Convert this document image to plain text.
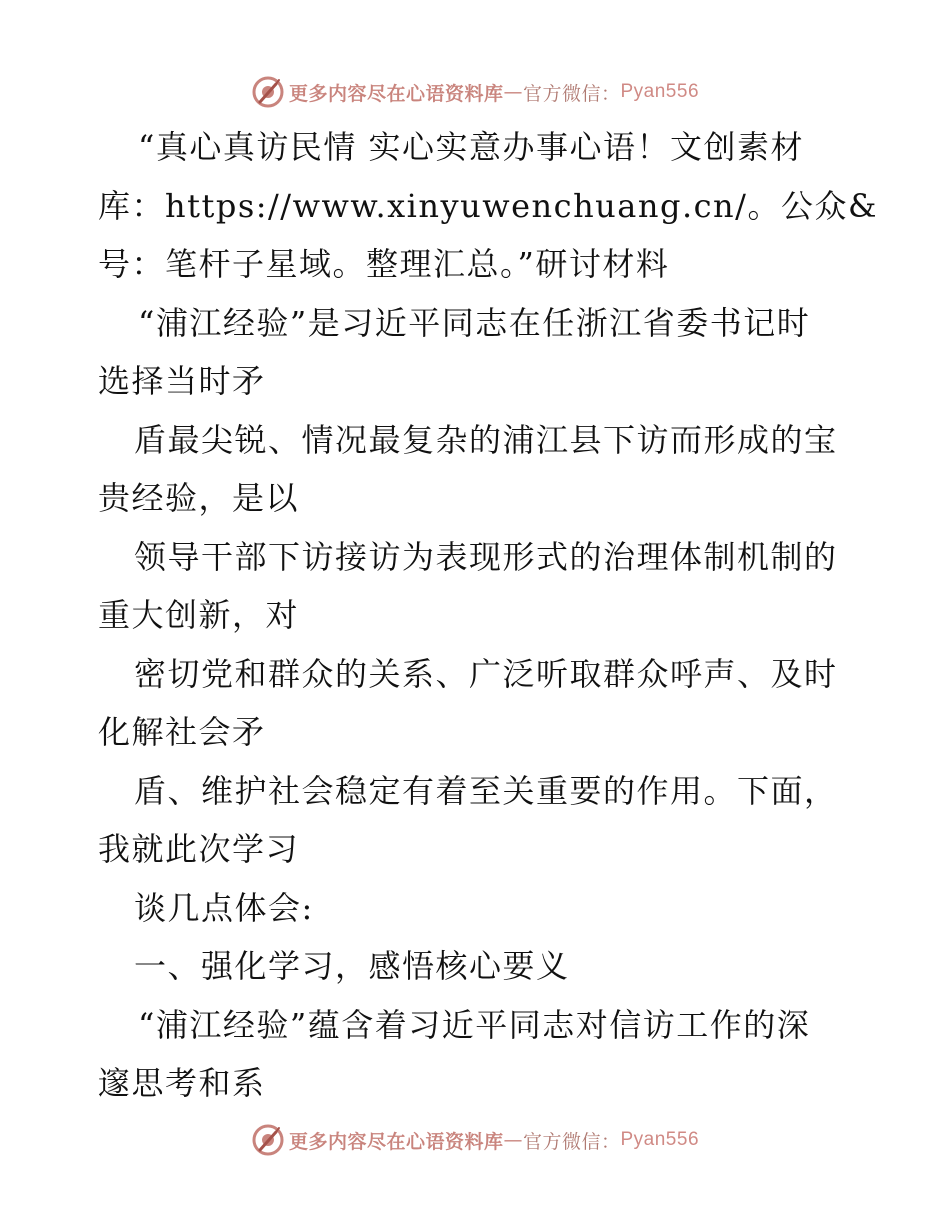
更多内容尽在心语资料库 — 官方微信： Pyan556
“真心真访民情 实心实意办事心语！文创素材
库：https://www.xinyuwenchuang.cn/。公众&
号：笔杆子星域。整理汇总。”研讨材料
“浦江经验”是习近平同志在任浙江省委书记时
选择当时矛
盾最尖锐、情况最复杂的浦江县下访而形成的宝
贵经验，是以
领导干部下访接访为表现形式的治理体制机制的
重大创新，对
密切党和群众的关系、广泛听取群众呼声、及时
化解社会矛
盾、维护社会稳定有着至关重要的作用。下面，
我就此次学习
谈几点体会:
一、强化学习，感悟核心要义
“浦江经验”蕴含着习近平同志对信访工作的深
邃思考和系
更多内容尽在心语资料库 — 官方微信： Pyan556
